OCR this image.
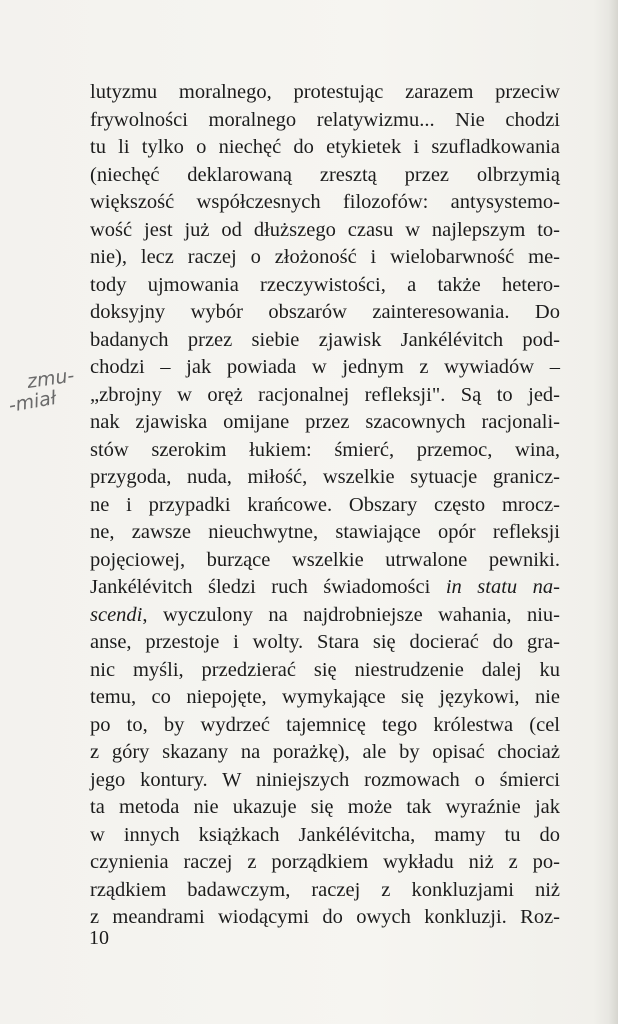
zmu-
-miał
lutyzmu moralnego, protestując zarazem przeciw
frywolności moralnego relatywizmu... Nie chodzi
tu li tylko o niechęć do etykietek i szufladkowania
(niechęć deklarowaną zresztą przez olbrzymią
większość współczesnych filozofów: antysystemo-
wość jest już od dłuższego czasu w najlepszym to-
nie), lecz raczej o złożoność i wielobarwność me-
tody ujmowania rzeczywistości, a także hetero-
doksyjny wybór obszarów zainteresowania. Do
badanych przez siebie zjawisk Jankélévitch pod-
chodzi – jak powiada w jednym z wywiadów –
„zbrojny w oręż racjonalnej refleksji". Są to jed-
nak zjawiska omijane przez szacownych racjonali-
stów szerokim łukiem: śmierć, przemoc, wina,
przygoda, nuda, miłość, wszelkie sytuacje granicz-
ne i przypadki krańcowe. Obszary często mrocz-
ne, zawsze nieuchwytne, stawiające opór refleksji
pojęciowej, burzące wszelkie utrwalone pewniki.
Jankélévitch śledzi ruch świadomości in statu na-
scendi, wyczulony na najdrobniejsze wahania, niu-
anse, przestoje i wolty. Stara się docierać do gra-
nic myśli, przedzierać się niestrudzenie dalej ku
temu, co niepojęte, wymykające się językowi, nie
po to, by wydrzeć tajemnicę tego królestwa (cel
z góry skazany na porażkę), ale by opisać chociaż
jego kontury. W niniejszych rozmowach o śmierci
ta metoda nie ukazuje się może tak wyraźnie jak
w innych książkach Jankélévitcha, mamy tu do
czynienia raczej z porządkiem wykładu niż z po-
rządkiem badawczym, raczej z konkluzjami niż
z meandrami wiodącymi do owych konkluzji. Roz-
10
